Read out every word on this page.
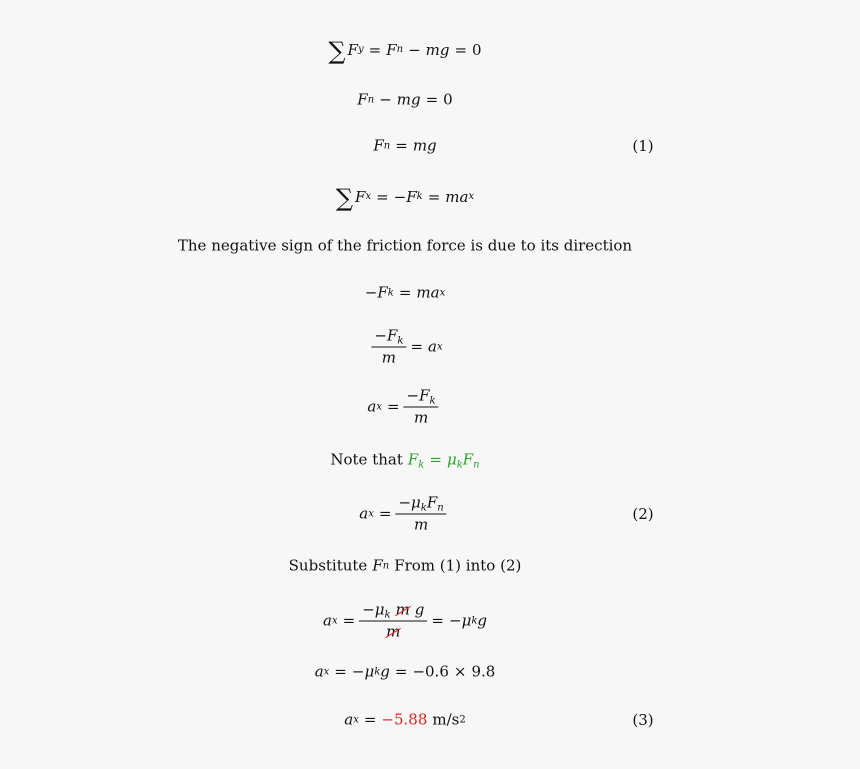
∑ F y = F n − mg = 0
F n − mg = 0
F n = mg	(1)
∑ F x = − F k = ma x
The negative sign of the friction force is due to its direction
− F k = ma x
$\frac{-F_k}{m} = a$ x
a $x = \frac{-F_k}{m}$
Note that $F_k = \mu_kF_n$
a $x = \frac{-\mu_kF_n}{m}$	(2)
Substitute F n From (1) into (2)
a $x = \frac{-\mu_k m g}{m}$ = − μ k g
a x = − μ k g = − 0.6 × 9.8
a x = −5.88 m/s 2	(3)
